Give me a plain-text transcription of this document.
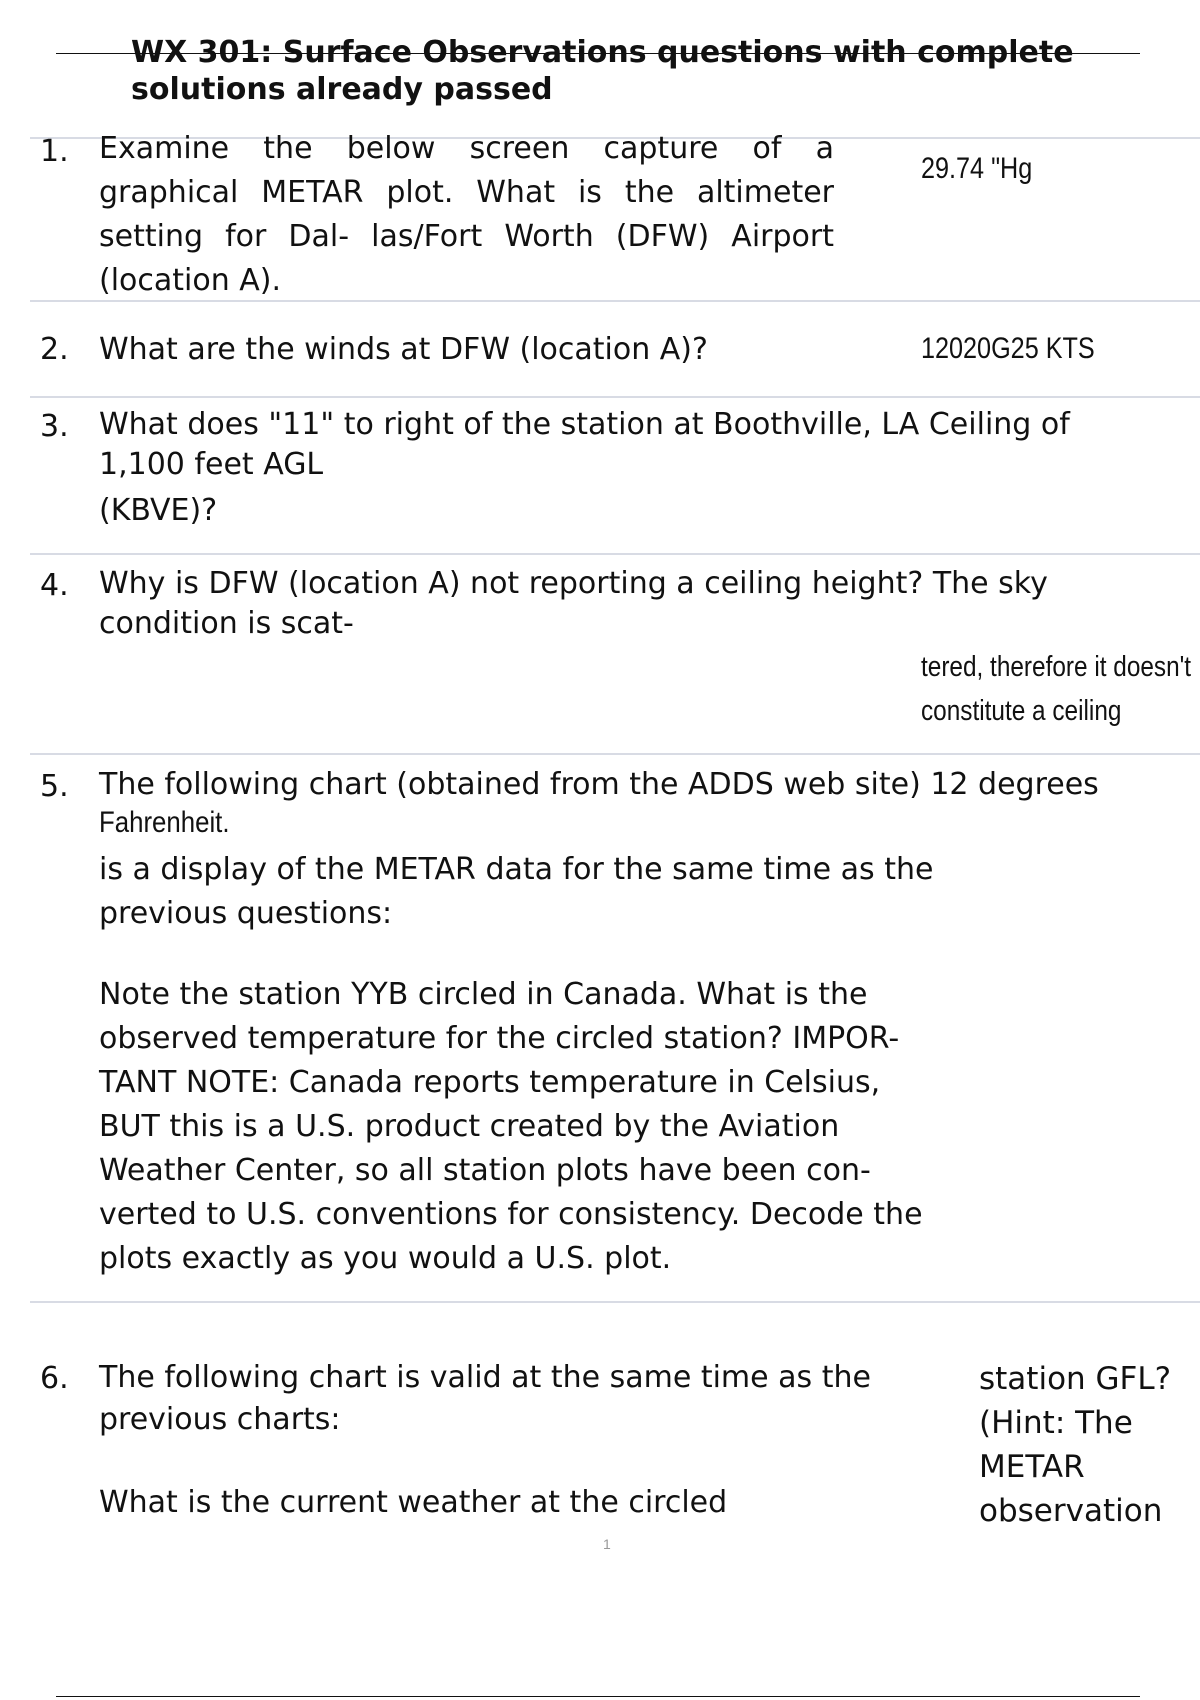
WX 301: Surface Observations questions with complete solutions already passed
1. Examine the below screen capture of a graphical METAR plot. What is the altimeter setting for Dal- las/Fort Worth (DFW) Airport (location A).
29.74 "Hg
2. What are the winds at DFW (location A)?	12020G25 KTS
3. What does "11" to right of the station at Boothville, LA Ceiling of
1,100 feet AGL
(KBVE)?
4. Why is DFW (location A) not reporting a ceiling height? The sky
condition is scat-
tered, therefore it doesn't
constitute a ceiling
5. The following chart (obtained from the ADDS web site) 12 degrees
Fahrenheit.
is a display of the METAR data for the same time as the previous questions:
Note the station YYB circled in Canada. What is the observed temperature for the circled station? IMPOR- TANT NOTE: Canada reports temperature in Celsius, BUT this is a U.S. product created by the Aviation Weather Center, so all station plots have been con- verted to U.S. conventions for consistency. Decode the plots exactly as you would a U.S. plot.
6. The following chart is valid at the same time as the previous charts:
What is the current weather at the circled
station GFL? (Hint: The METAR observation
1
